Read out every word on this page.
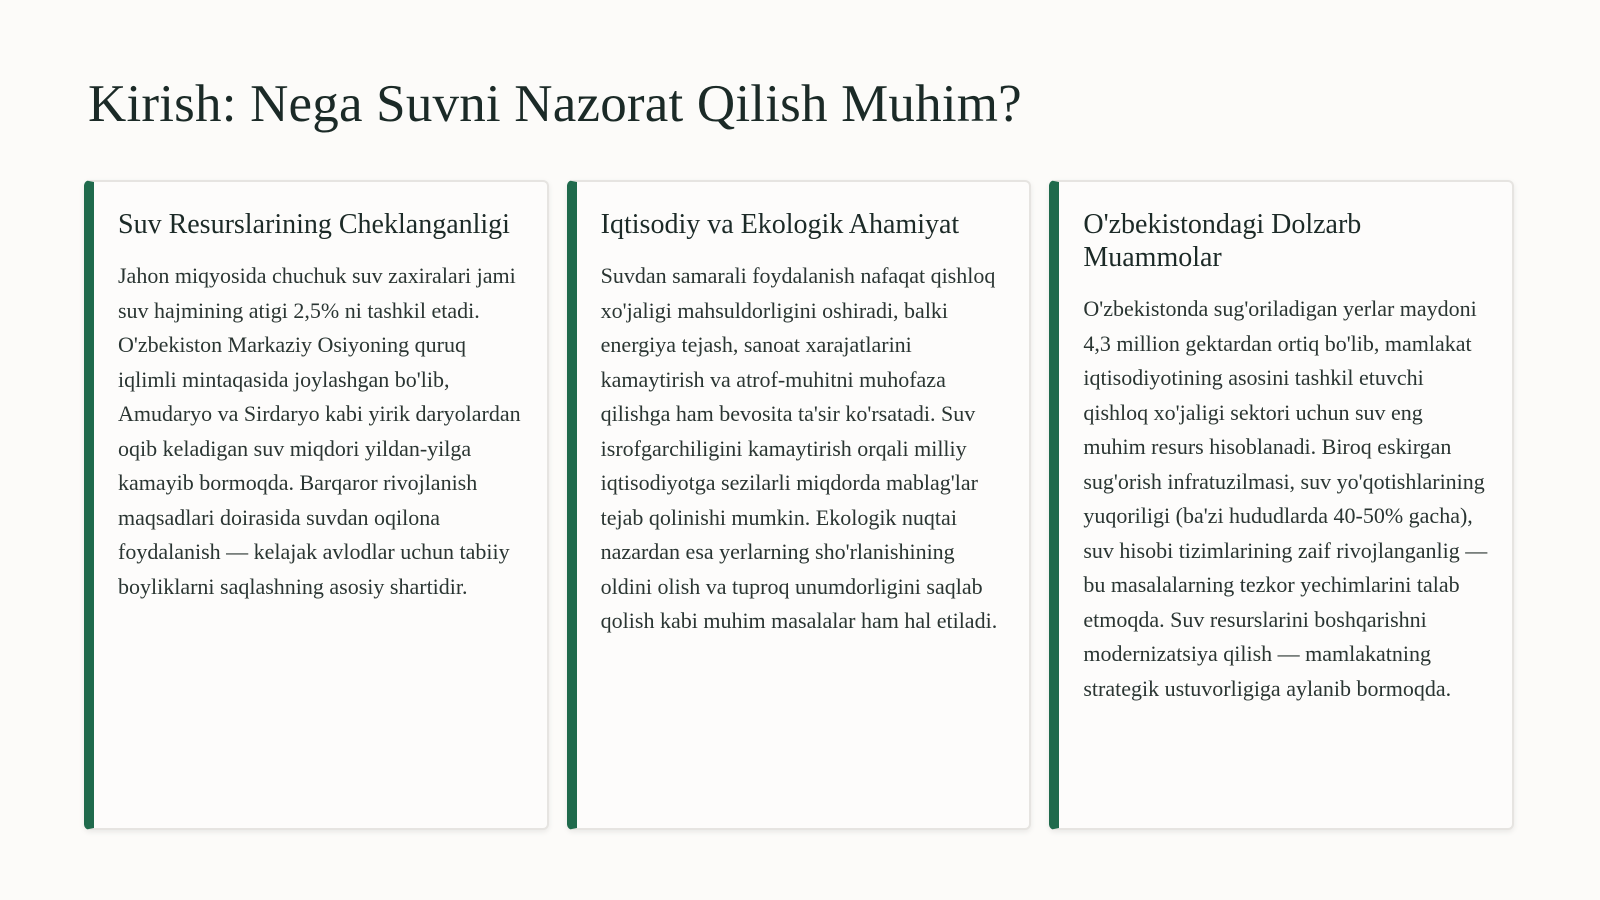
Kirish: Nega Suvni Nazorat Qilish Muhim?
Suv Resurslarining Cheklanganligi

Jahon miqyosida chuchuk suv zaxiralari jami suv hajmining atigi 2,5% ni tashkil etadi. O'zbekiston Markaziy Osiyoning quruq iqlimli mintaqasida joylashgan bo'lib, Amudaryo va Sirdaryo kabi yirik daryolardan oqib keladigan suv miqdori yildan-yilga kamayib bormoqda. Barqaror rivojlanish maqsadlari doirasida suvdan oqilona foydalanish — kelajak avlodlar uchun tabiiy boyliklarni saqlashning asosiy shartidir.

Iqtisodiy va Ekologik Ahamiyat

Suvdan samarali foydalanish nafaqat qishloq xo'jaligi mahsuldorligini oshiradi, balki energiya tejash, sanoat xarajatlarini kamaytirish va atrof-muhitni muhofaza qilishga ham bevosita ta'sir ko'rsatadi. Suv isrofgarchiligini kamaytirish orqali milliy iqtisodiyotga sezilarli miqdorda mablag'lar tejab qolinishi mumkin. Ekologik nuqtai nazardan esa yerlarning sho'rlanishining oldini olish va tuproq unumdorligini saqlab qolish kabi muhim masalalar ham hal etiladi.

O'zbekistondagi Dolzarb Muammolar

O'zbekistonda sug'oriladigan yerlar maydoni 4,3 million gektardan ortiq bo'lib, mamlakat iqtisodiyotining asosini tashkil etuvchi qishloq xo'jaligi sektori uchun suv eng muhim resurs hisoblanadi. Biroq eskirgan sug'orish infratuzilmasi, suv yo'qotishlarining yuqoriligi (ba'zi hududlarda 40-50% gacha), suv hisobi tizimlarining zaif rivojlanganlig — bu masalalarning tezkor yechimlarini talab etmoqda. Suv resurslarini boshqarishni modernizatsiya qilish — mamlakatning strategik ustuvorligiga aylanib bormoqda.
